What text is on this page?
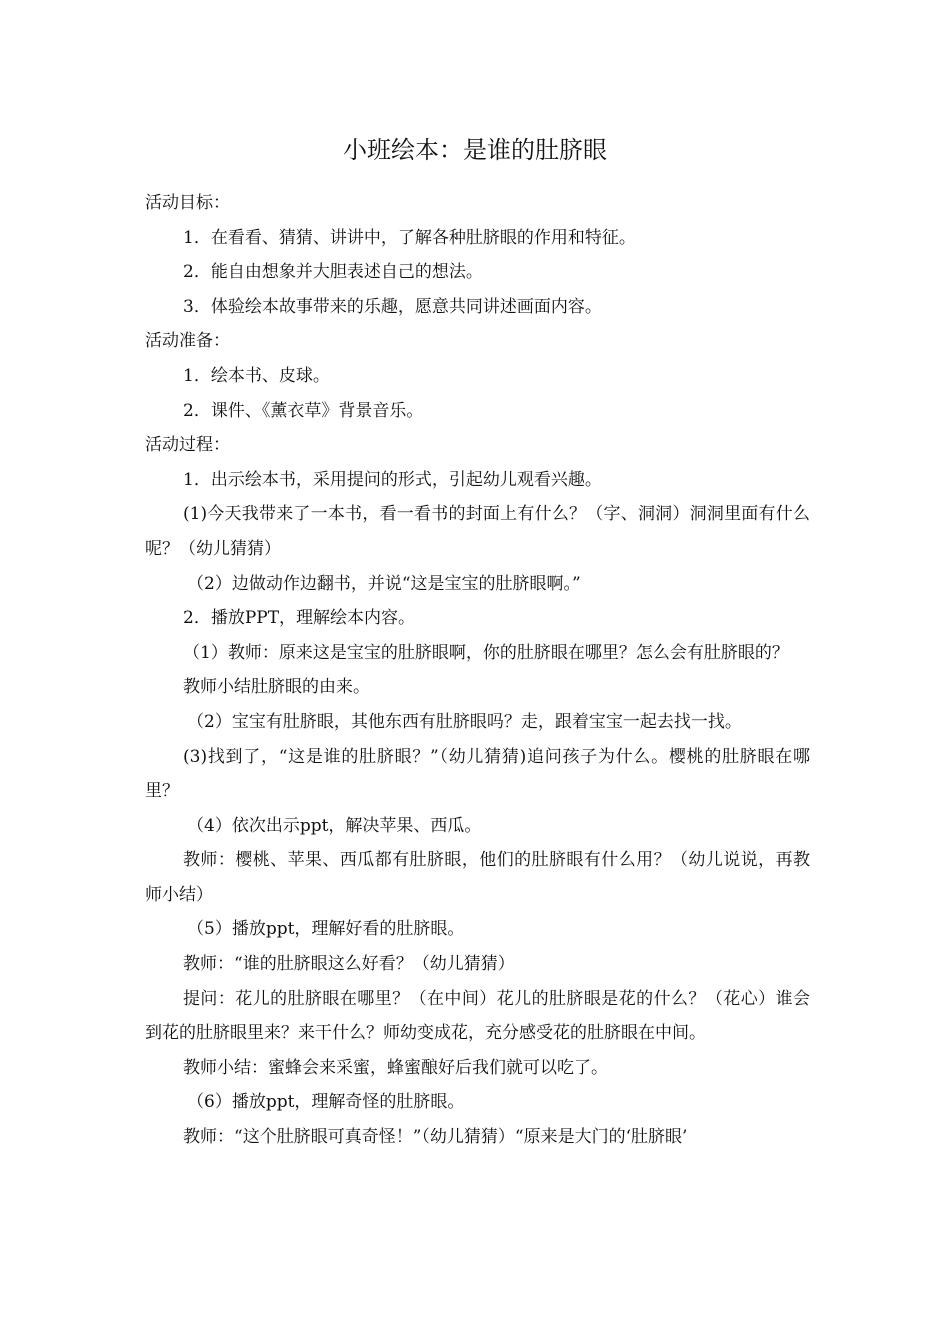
小班绘本：是谁的肚脐眼
活动目标：
1．在看看、猜猜、讲讲中，了解各种肚脐眼的作用和特征。
2．能自由想象并大胆表述自己的想法。
3．体验绘本故事带来的乐趣，愿意共同讲述画面内容。
活动准备：
1．绘本书、皮球。
2．课件、《薰衣草》背景音乐。
活动过程：
1．出示绘本书，采用提问的形式，引起幼儿观看兴趣。
(1)今天我带来了一本书，看一看书的封面上有什么？（字、洞洞）洞洞里面有什么呢？（幼儿猜猜）
（2）边做动作边翻书，并说“这是宝宝的肚脐眼啊。”
2．播放PPT，理解绘本内容。
（1）教师：原来这是宝宝的肚脐眼啊，你的肚脐眼在哪里？怎么会有肚脐眼的？
教师小结肚脐眼的由来。
（2）宝宝有肚脐眼，其他东西有肚脐眼吗？走，跟着宝宝一起去找一找。
(3)找到了，“这是谁的肚脐眼？”（幼儿猜猜)追问孩子为什么。樱桃的肚脐眼在哪里？
（4）依次出示ppt，解决苹果、西瓜。
教师：樱桃、苹果、西瓜都有肚脐眼，他们的肚脐眼有什么用？（幼儿说说，再教师小结）
（5）播放ppt，理解好看的肚脐眼。
教师：“谁的肚脐眼这么好看？（幼儿猜猜）
提问：花儿的肚脐眼在哪里？（在中间）花儿的肚脐眼是花的什么？（花心）谁会到花的肚脐眼里来？来干什么？师幼变成花，充分感受花的肚脐眼在中间。
教师小结：蜜蜂会来采蜜，蜂蜜酿好后我们就可以吃了。
（6）播放ppt，理解奇怪的肚脐眼。
教师：“这个肚脐眼可真奇怪！”（幼儿猜猜）“原来是大门的‘肚脐眼’
